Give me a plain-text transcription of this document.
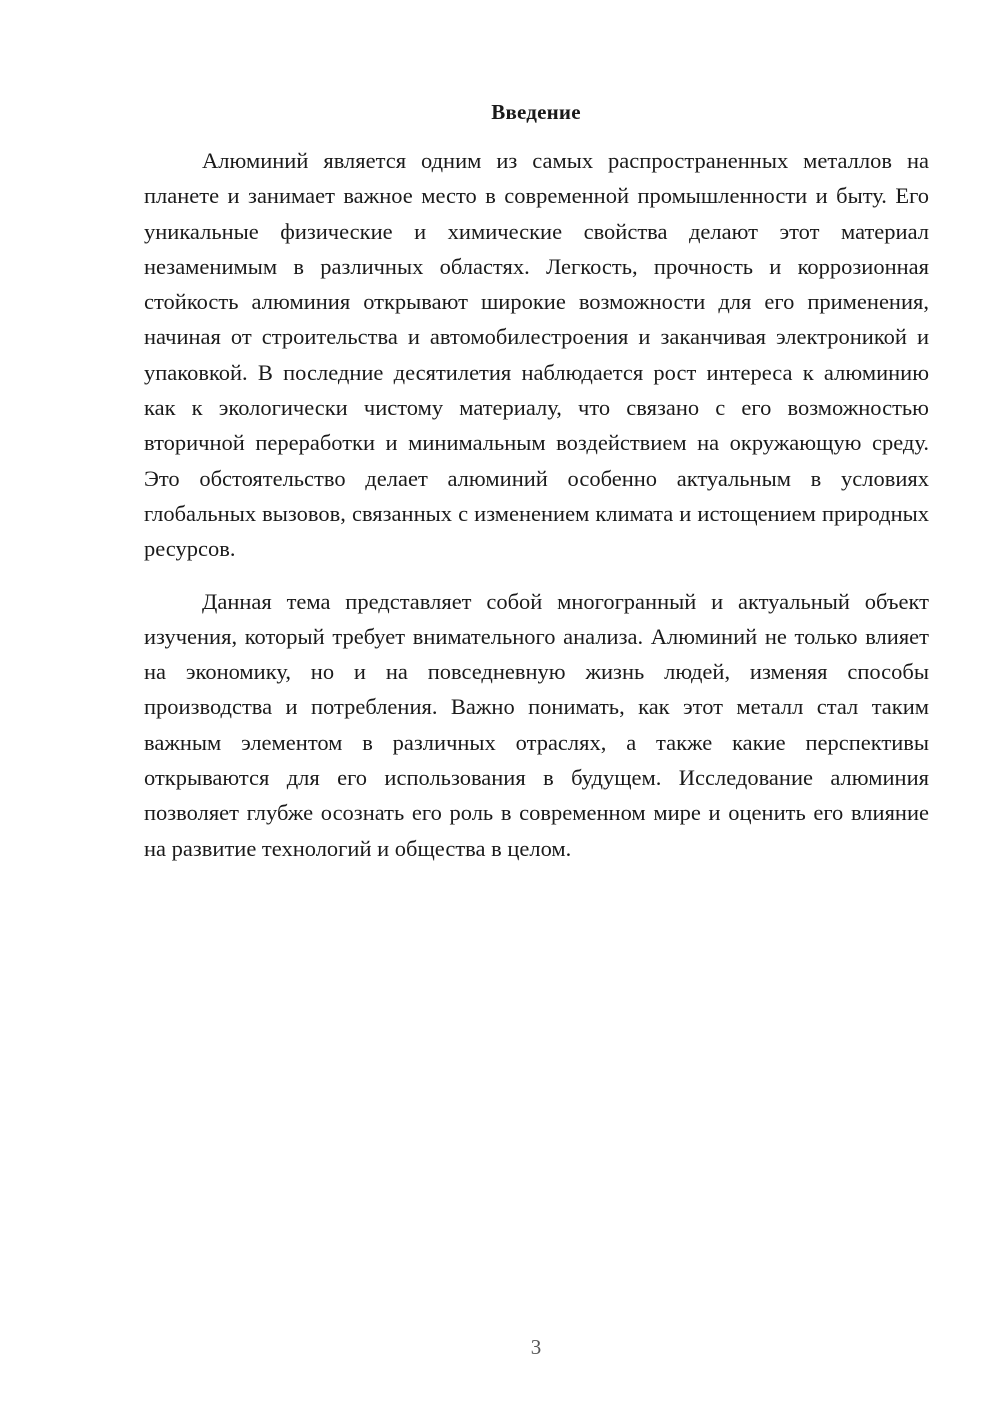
Введение

Алюминий является одним из самых распространенных металлов на планете и занимает важное место в современной промышленности и быту. Его уникальные физические и химические свойства делают этот материал незаменимым в различных областях. Легкость, прочность и коррозионная стойкость алюминия открывают широкие возможности для его применения, начиная от строительства и автомобилестроения и заканчивая электроникой и упаковкой. В последние десятилетия наблюдается рост интереса к алюминию как к экологически чистому материалу, что связано с его возможностью вторичной переработки и минимальным воздействием на окружающую среду. Это обстоятельство делает алюминий особенно актуальным в условиях глобальных вызовов, связанных с изменением климата и истощением природных ресурсов.

Данная тема представляет собой многогранный и актуальный объект изучения, который требует внимательного анализа. Алюминий не только влияет на экономику, но и на повседневную жизнь людей, изменяя способы производства и потребления. Важно понимать, как этот металл стал таким важным элементом в различных отраслях, а также какие перспективы открываются для его использования в будущем. Исследование алюминия позволяет глубже осознать его роль в современном мире и оценить его влияние на развитие технологий и общества в целом.

3
